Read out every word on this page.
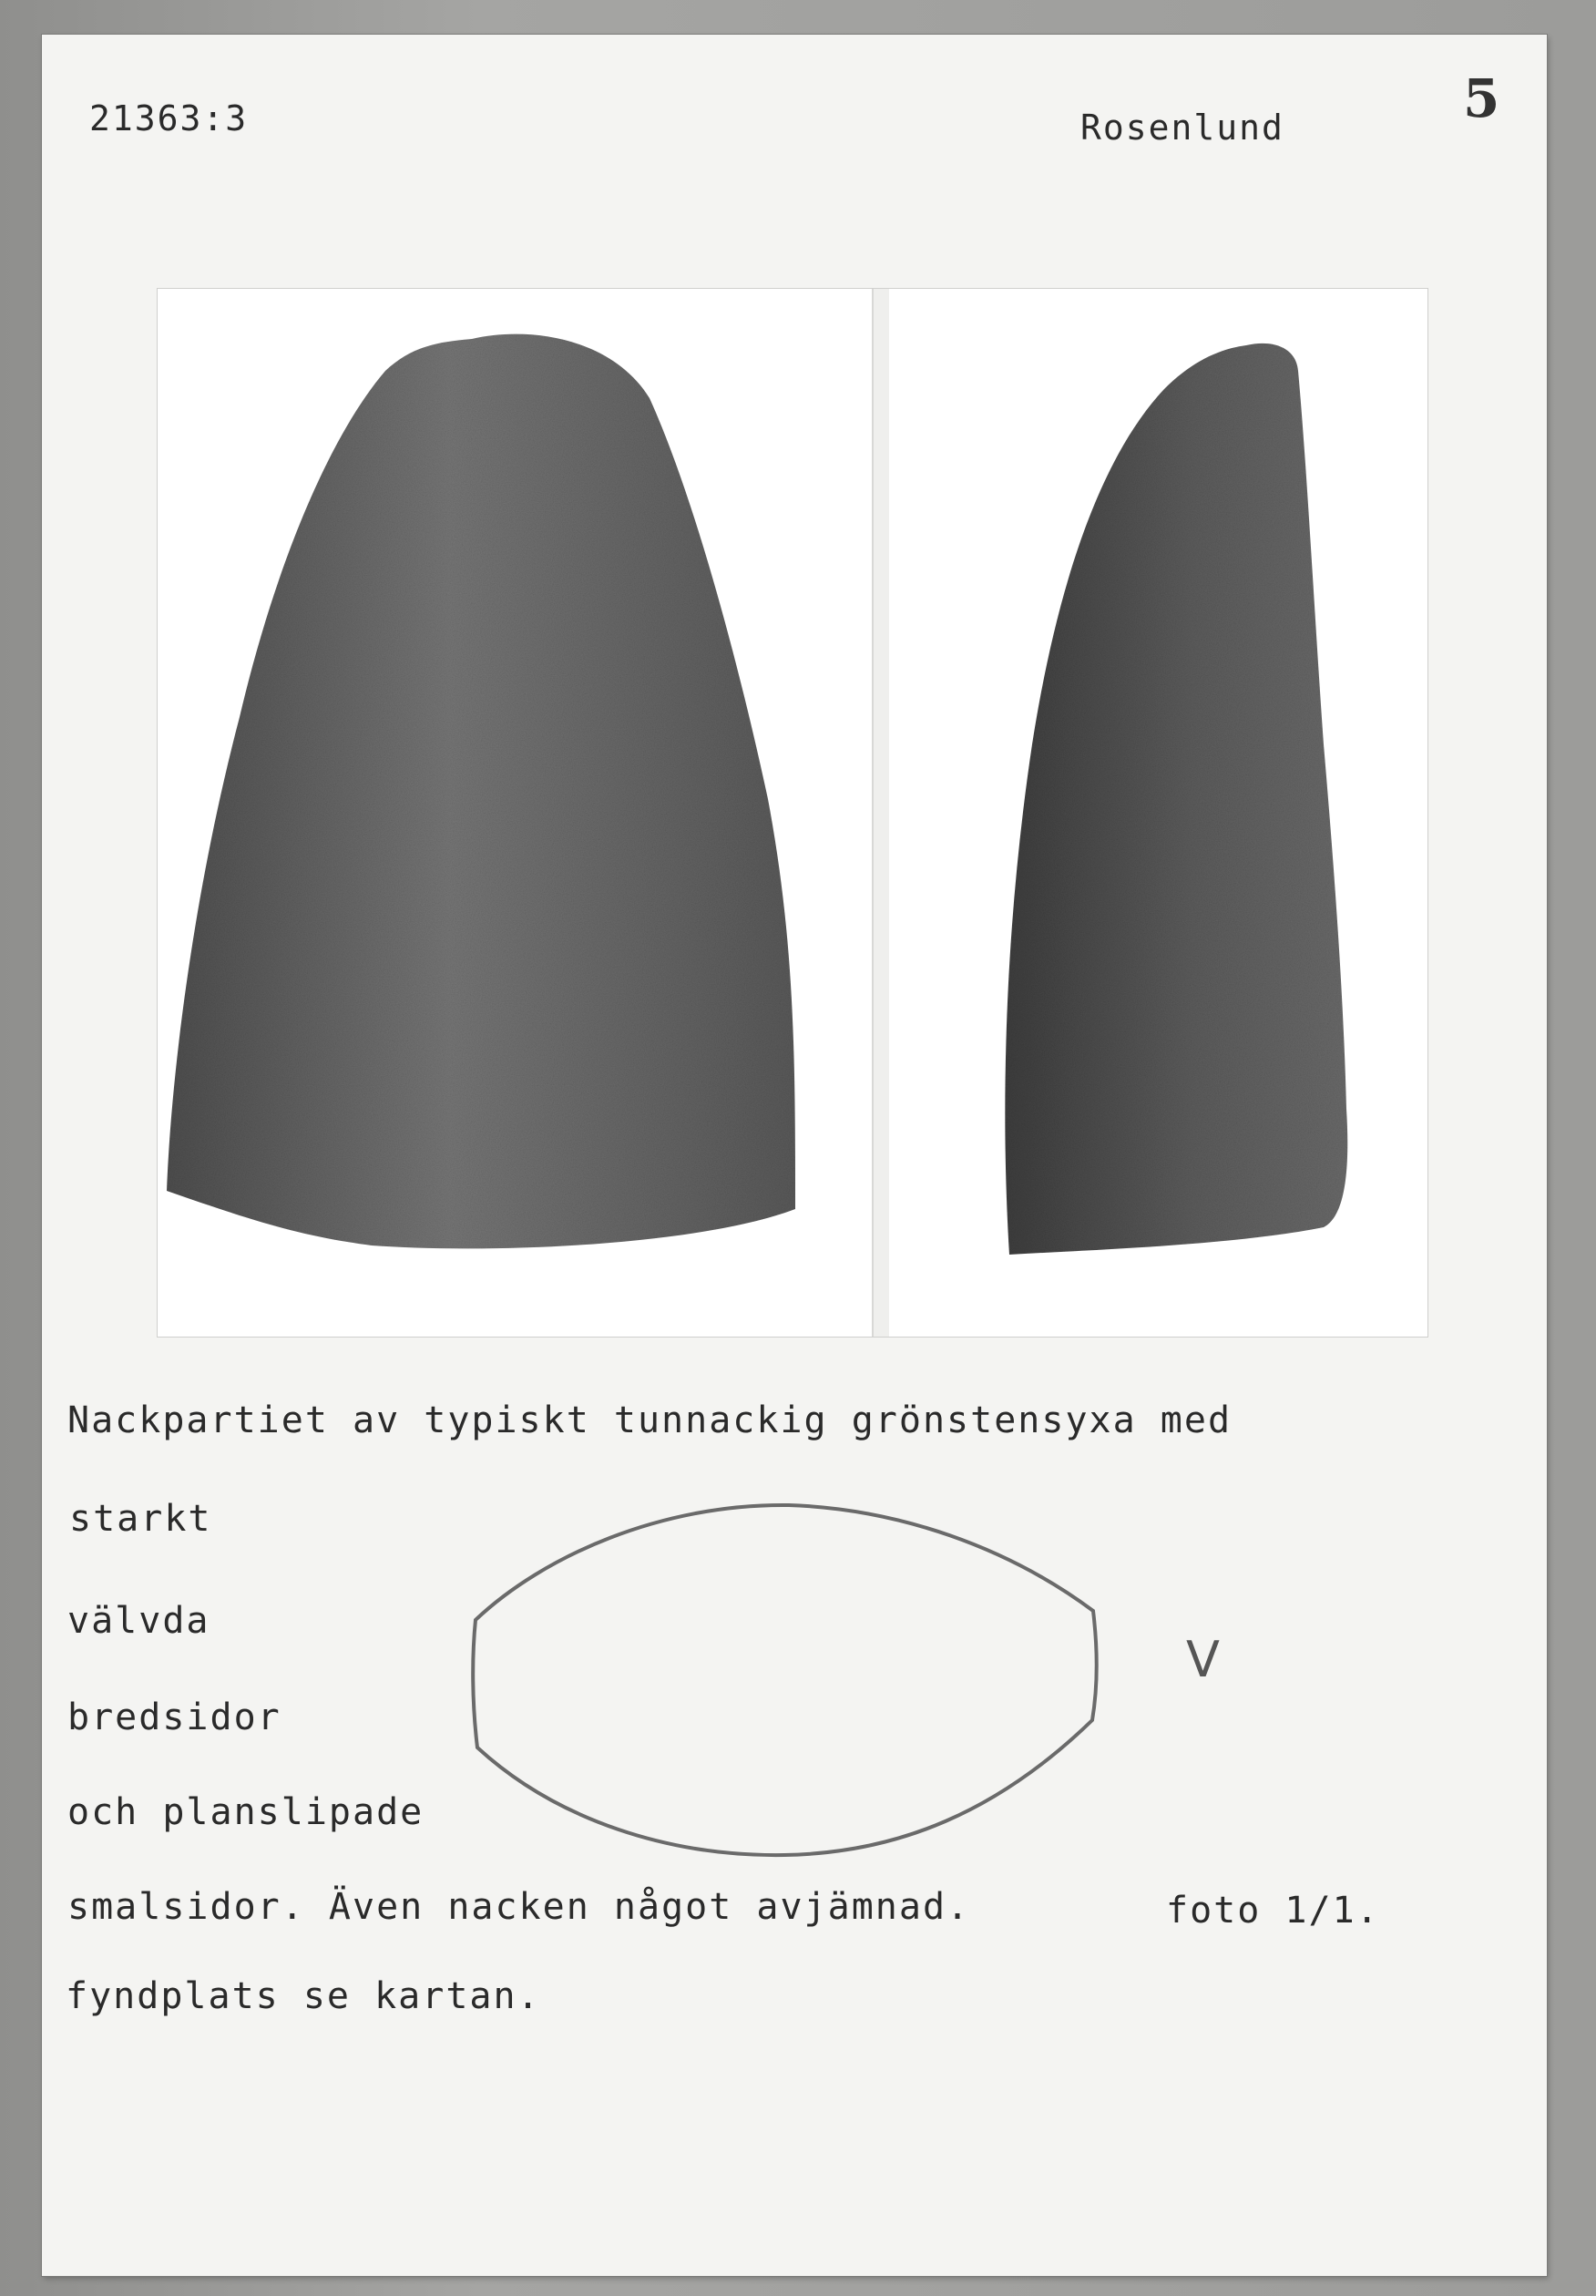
21363:3	Rosenlund	5
Nackpartiet av typiskt tunnackig grönstensyxa med
starkt
välvda
bredsidor
och planslipade
smalsidor. Även nacken något avjämnad.	foto 1/1.
fyndplats se kartan.
V
